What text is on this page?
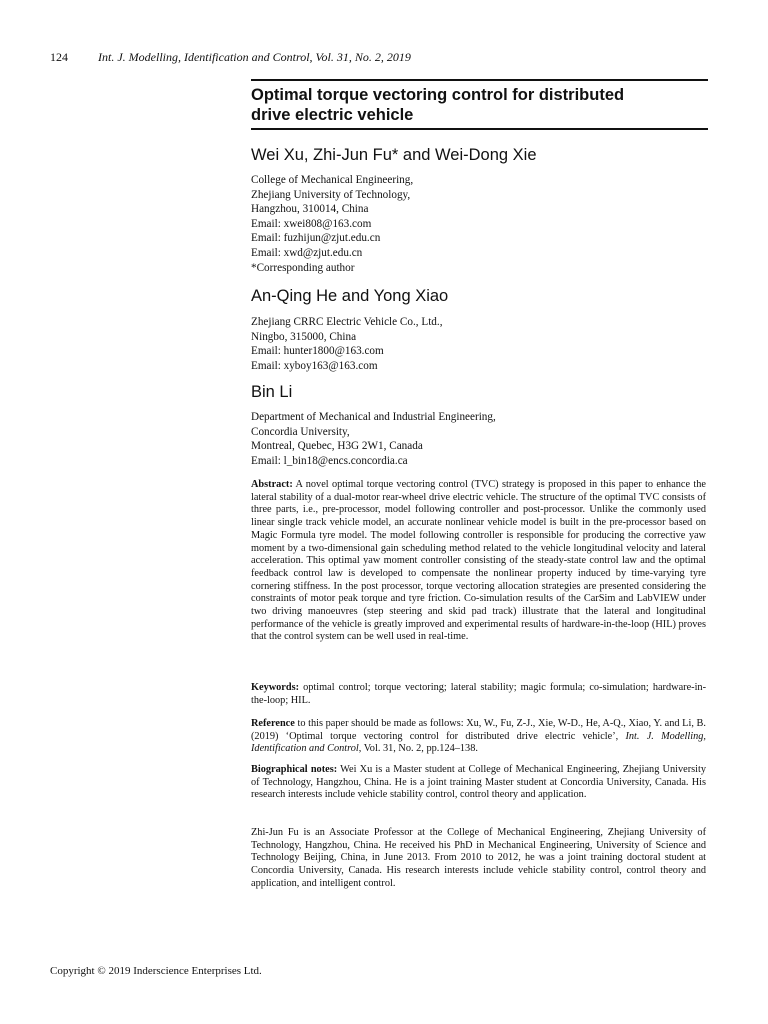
124	Int. J. Modelling, Identification and Control, Vol. 31, No. 2, 2019
Optimal torque vectoring control for distributed
drive electric vehicle
Wei Xu, Zhi-Jun Fu* and Wei-Dong Xie
College of Mechanical Engineering,
Zhejiang University of Technology,
Hangzhou, 310014, China
Email: xwei808@163.com
Email: fuzhijun@zjut.edu.cn
Email: xwd@zjut.edu.cn
*Corresponding author
An-Qing He and Yong Xiao
Zhejiang CRRC Electric Vehicle Co., Ltd.,
Ningbo, 315000, China
Email: hunter1800@163.com
Email: xyboy163@163.com
Bin Li
Department of Mechanical and Industrial Engineering,
Concordia University,
Montreal, Quebec, H3G 2W1, Canada
Email: l_bin18@encs.concordia.ca
Abstract: A novel optimal torque vectoring control (TVC) strategy is proposed in this paper to enhance the lateral stability of a dual-motor rear-wheel drive electric vehicle. The structure of the optimal TVC consists of three parts, i.e., pre-processor, model following controller and post-processor. Unlike the commonly used linear single track vehicle model, an accurate nonlinear vehicle model is built in the pre-processor based on Magic Formula tyre model. The model following controller is responsible for producing the corrective yaw moment by a two-dimensional gain scheduling method related to the vehicle longitudinal velocity and lateral acceleration. This optimal yaw moment controller consisting of the steady-state control law and the optimal feedback control law is developed to compensate the nonlinear property induced by time-varying tyre cornering stiffness. In the post processor, torque vectoring allocation strategies are presented considering the constraints of motor peak torque and tyre friction. Co-simulation results of the CarSim and LabVIEW under two driving manoeuvres (step steering and skid pad track) illustrate that the lateral and longitudinal performance of the vehicle is greatly improved and experimental results of hardware-in-the-loop (HIL) proves that the control system can be well used in real-time.
Keywords: optimal control; torque vectoring; lateral stability; magic formula; co-simulation; hardware-in-the-loop; HIL.
Reference to this paper should be made as follows: Xu, W., Fu, Z-J., Xie, W-D., He, A-Q., Xiao, Y. and Li, B. (2019) ‘Optimal torque vectoring control for distributed drive electric vehicle’, Int. J. Modelling, Identification and Control, Vol. 31, No. 2, pp.124–138.
Biographical notes: Wei Xu is a Master student at College of Mechanical Engineering, Zhejiang University of Technology, Hangzhou, China. He is a joint training Master student at Concordia University, Canada. His research interests include vehicle stability control, control theory and application.
Zhi-Jun Fu is an Associate Professor at the College of Mechanical Engineering, Zhejiang University of Technology, Hangzhou, China. He received his PhD in Mechanical Engineering, University of Science and Technology Beijing, China, in June 2013. From 2010 to 2012, he was a joint training doctoral student at Concordia University, Canada. His research interests include vehicle stability control, control theory and application, and intelligent control.
Copyright © 2019 Inderscience Enterprises Ltd.
